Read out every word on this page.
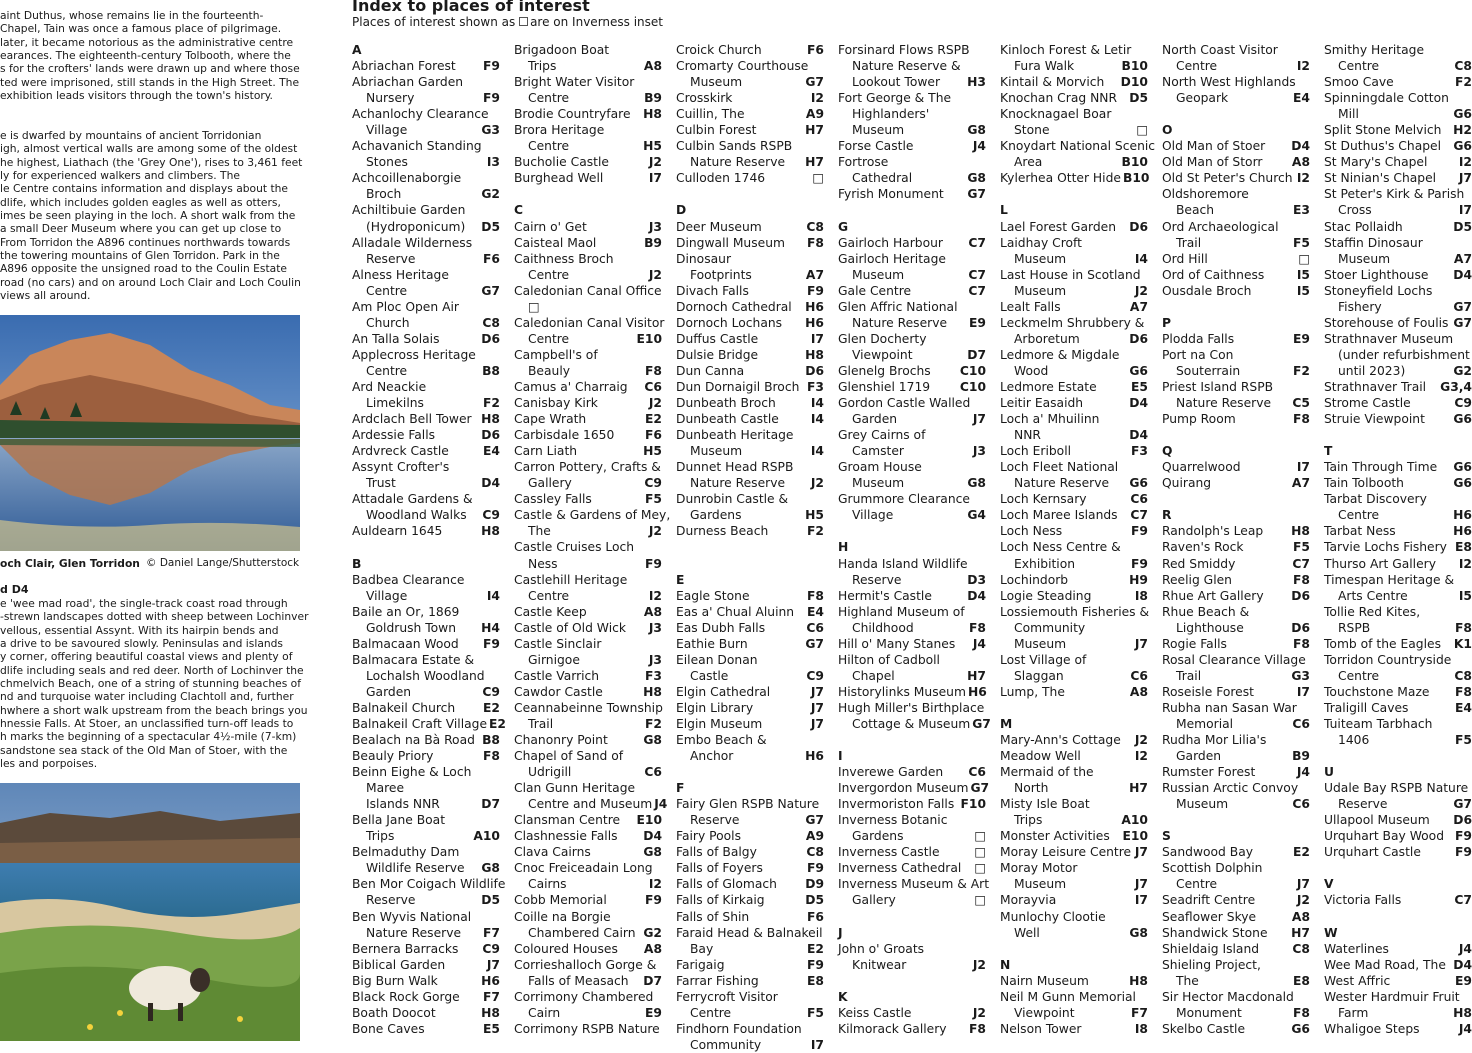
aint Duthus, whose remains lie in the fourteenth-
Chapel, Tain was once a famous place of pilgrimage.
later, it became notorious as the administrative centre
earances. The eighteenth-century Tolbooth, where the
s for the crofters' lands were drawn up and where those
ted were imprisoned, still stands in the High Street. The
exhibition leads visitors through the town's history.
e is dwarfed by mountains of ancient Torridonian
igh, almost vertical walls are among some of the oldest
he highest, Liathach (the 'Grey One'), rises to 3,461 feet
ly for experienced walkers and climbers. The
le Centre contains information and displays about the
dlife, which includes golden eagles as well as otters,
imes be seen playing in the loch. A short walk from the
a small Deer Museum where you can get up close to
From Torridon the A896 continues northwards towards
the towering mountains of Glen Torridon. Park in the
A896 opposite the unsigned road to the Coulin Estate
road (no cars) and on around Loch Clair and Loch Coulin
views all around.
och Clair, Glen Torridon © Daniel Lange/Shutterstock
d D4
e 'wee mad road', the single-track coast road through
-strewn landscapes dotted with sheep between Lochinver
vellous, essential Assynt. With its hairpin bends and
a drive to be savoured slowly. Peninsulas and islands
y corner, offering beautiful coastal views and plenty of
dlife including seals and red deer. North of Lochinver the
chmelvich Beach, one of a string of stunning beaches of
nd and turquoise water including Clachtoll and, further
hwhere a short walk upstream from the beach brings you
hnessie Falls. At Stoer, an unclassified turn-off leads to
h marks the beginning of a spectacular 4½-mile (7-km)
sandstone sea stack of the Old Man of Stoer, with the
les and porpoises.
Index to places of interest
Places of interest shown as are on Inverness inset
A
Abriachan Forest F9
Abriachan Garden
Nursery	F9
Achanlochy Clearance
Village	G3
Achavanich Standing
Stones	I3
Achcoillenaborgie
Broch	G2
Achiltibuie Garden
(Hydroponicum) D5
Alladale Wilderness
Reserve	F6
Alness Heritage
Centre	G7
Am Ploc Open Air
Church	C8
An Talla Solais	D6
Applecross Heritage
Centre	B8
Ard Neackie
Limekilns	F2
Ardclach Bell Tower H8
Ardessie Falls	D6
Ardvreck Castle	E4
Assynt Crofter's
Trust	D4
Attadale Gardens &
Woodland Walks C9
Auldearn 1645	H8
B
Badbea Clearance
Village	I4
Baile an Or, 1869
Goldrush Town H4
Balmacaan Wood F9
Balmacara Estate &
Lochalsh Woodland
Garden	C9
Balnakeil Church E2
Balnakeil Craft Village E2
Bealach na Bà Road B8
Beauly Priory	F8
Beinn Eighe & Loch
Maree
Islands NNR	D7
Bella Jane Boat
Trips	A10
Belmaduthy Dam
Wildlife Reserve G8
Ben Mor Coigach Wildlife
Reserve	D5
Ben Wyvis National
Nature Reserve F7
Bernera Barracks C9
Biblical Garden	J7
Big Burn Walk	H6
Black Rock Gorge F7
Boath Doocot	H8
Bone Caves	E5
Brigadoon Boat
Trips	A8
Bright Water Visitor
Centre	B9
Brodie Countryfare H8
Brora Heritage
Centre	H5
Bucholie Castle	J2
Burghead Well	I7
C
Cairn o' Get	J3
Caisteal Maol	B9
Caithness Broch
Centre	J2
Caledonian Canal Office
□
Caledonian Canal Visitor
Centre	E10
Campbell's of
Beauly	F8
Camus a' Charraig C6
Canisbay Kirk	J2
Cape Wrath	E2
Carbisdale 1650 F6
Carn Liath	H5
Carron Pottery, Crafts &
Gallery	C9
Cassley Falls	F5
Castle & Gardens of Mey,
The	J2
Castle Cruises Loch
Ness	F9
Castlehill Heritage
Centre	I2
Castle Keep	A8
Castle of Old Wick J3
Castle Sinclair
Girnigoe	J3
Castle Varrich	F3
Cawdor Castle	H8
Ceannabeinne Township
Trail	F2
Chanonry Point	G8
Chapel of Sand of
Udrigill	C6
Clan Gunn Heritage
Centre and Museum J4
Clansman Centre E10
Clashnessie Falls D4
Clava Cairns	G8
Cnoc Freiceadain Long
Cairns	I2
Cobb Memorial	F9
Coille na Borgie
Chambered Cairn G2
Coloured Houses A8
Corrieshalloch Gorge &
Falls of Measach D7
Corrimony Chambered
Cairn	E9
Corrimony RSPB Nature
Croick Church	F6
Cromarty Courthouse
Museum	G7
Crosskirk	I2
Cuillin, The	A9
Culbin Forest	H7
Culbin Sands RSPB
Nature Reserve H7
Culloden 1746	□
D
Deer Museum	C8
Dingwall Museum F8
Dinosaur
Footprints	A7
Divach Falls	F9
Dornoch Cathedral H6
Dornoch Lochans H6
Duffus Castle	I7
Dulsie Bridge	H8
Dun Canna	D6
Dun Dornaigil Broch F3
Dunbeath Broch	I4
Dunbeath Castle	I4
Dunbeath Heritage
Museum	I4
Dunnet Head RSPB
Nature Reserve J2
Dunrobin Castle &
Gardens	H5
Durness Beach	F2
E
Eagle Stone	F8
Eas a' Chual Aluinn E4
Eas Dubh Falls	C6
Eathie Burn	G7
Eilean Donan
Castle	C9
Elgin Cathedral	J7
Elgin Library	J7
Elgin Museum	J7
Embo Beach &
Anchor	H6
F
Fairy Glen RSPB Nature
Reserve	G7
Fairy Pools	A9
Falls of Balgy	C8
Falls of Foyers	F9
Falls of Glomach D9
Falls of Kirkaig	D5
Falls of Shin	F6
Faraid Head & Balnakeil
Bay	E2
Farigaig	F9
Farrar Fishing	E8
Ferrycroft Visitor
Centre	F5
Findhorn Foundation
Community	I7
Forsinard Flows RSPB
Nature Reserve &
Lookout Tower H3
Fort George & The
Highlanders'
Museum	G8
Forse Castle	J4
Fortrose
Cathedral	G8
Fyrish Monument G7
G
Gairloch Harbour C7
Gairloch Heritage
Museum	C7
Gale Centre	C7
Glen Affric National
Nature Reserve E9
Glen Docherty
Viewpoint	D7
Glenelg Brochs C10
Glenshiel 1719 C10
Gordon Castle Walled
Garden	J7
Grey Cairns of
Camster	J3
Groam House
Museum	G8
Grummore Clearance
Village	G4
H
Handa Island Wildlife
Reserve	D3
Hermit's Castle	D4
Highland Museum of
Childhood	F8
Hill o' Many Stanes J4
Hilton of Cadboll
Chapel	H7
Historylinks Museum H6
Hugh Miller's Birthplace
Cottage & Museum G7
I
Inverewe Garden C6
Invergordon Museum G7
Invermoriston Falls F10
Inverness Botanic
Gardens	□
Inverness Castle	□
Inverness Cathedral □
Inverness Museum & Art
Gallery	□
J
John o' Groats
Knitwear	J2
K
Keiss Castle	J2
Kilmorack Gallery F8
Kinloch Forest & Letir
Fura Walk	B10
Kintail & Morvich D10
Knochan Crag NNR D5
Knocknagael Boar
Stone	□
Knoydart National Scenic
Area	B10
Kylerhea Otter Hide B10
L
Lael Forest Garden D6
Laidhay Croft
Museum	I4
Last House in Scotland
Museum	J2
Lealt Falls	A7
Leckmelm Shrubbery &
Arboretum	D6
Ledmore & Migdale
Wood	G6
Ledmore Estate	E5
Leitir Easaidh	D4
Loch a' Mhuilinn
NNR	D4
Loch Eriboll	F3
Loch Fleet National
Nature Reserve G6
Loch Kernsary	C6
Loch Maree Islands C7
Loch Ness	F9
Loch Ness Centre &
Exhibition	F9
Lochindorb	H9
Logie Steading	I8
Lossiemouth Fisheries &
Community
Museum	J7
Lost Village of
Slaggan	C6
Lump, The	A8
M
Mary-Ann's Cottage J2
Meadow Well	I2
Mermaid of the
North	H7
Misty Isle Boat
Trips	A10
Monster Activities E10
Moray Leisure Centre J7
Moray Motor
Museum	J7
Morayvia	I7
Munlochy Clootie
Well	G8
N
Nairn Museum	H8
Neil M Gunn Memorial
Viewpoint	F7
Nelson Tower	I8
North Coast Visitor
Centre	I2
North West Highlands
Geopark	E4
O
Old Man of Stoer D4
Old Man of Storr A8
Old St Peter's Church I2
Oldshoremore
Beach	E3
Ord Archaeological
Trail	F5
Ord Hill	□
Ord of Caithness	I5
Ousdale Broch	I5
P
Plodda Falls	E9
Port na Con
Souterrain	F2
Priest Island RSPB
Nature Reserve C5
Pump Room	F8
Q
Quarrelwood	I7
Quirang	A7
R
Randolph's Leap H8
Raven's Rock	F5
Red Smiddy	C7
Reelig Glen	F8
Rhue Art Gallery D6
Rhue Beach &
Lighthouse	D6
Rogie Falls	F8
Rosal Clearance Village
Trail	G3
Roseisle Forest	I7
Rubha nan Sasan War
Memorial	C6
Rudha Mor Lilia's
Garden	B9
Rumster Forest	J4
Russian Arctic Convoy
Museum	C6
S
Sandwood Bay	E2
Scottish Dolphin
Centre	J7
Seadrift Centre	J2
Seaflower Skye	A8
Shandwick Stone H7
Shieldaig Island	C8
Shieling Project,
The	E8
Sir Hector Macdonald
Monument	F8
Skelbo Castle	G6
Smithy Heritage
Centre	C8
Smoo Cave	F2
Spinningdale Cotton
Mill	G6
Split Stone Melvich H2
St Duthus's Chapel G6
St Mary's Chapel	I2
St Ninian's Chapel J7
St Peter's Kirk & Parish
Cross	I7
Stac Pollaidh	D5
Staffin Dinosaur
Museum	A7
Stoer Lighthouse D4
Stoneyfield Lochs
Fishery	G7
Storehouse of Foulis G7
Strathnaver Museum
(under refurbishment
until 2023)	G2
Strathnaver Trail G3,4
Strome Castle	C9
Struie Viewpoint G6
T
Tain Through Time G6
Tain Tolbooth	G6
Tarbat Discovery
Centre	H6
Tarbat Ness	H6
Tarvie Lochs Fishery E8
Thurso Art Gallery I2
Timespan Heritage &
Arts Centre	I5
Tollie Red Kites,
RSPB	F8
Tomb of the Eagles K1
Torridon Countryside
Centre	C8
Touchstone Maze F8
Traligill Caves	E4
Tuiteam Tarbhach
1406	F5
U
Udale Bay RSPB Nature
Reserve	G7
Ullapool Museum D6
Urquhart Bay Wood F9
Urquhart Castle	F9
V
Victoria Falls	C7
W
Waterlines	J4
Wee Mad Road, The D4
West Affric	E9
Wester Hardmuir Fruit
Farm	H8
Whaligoe Steps	J4
